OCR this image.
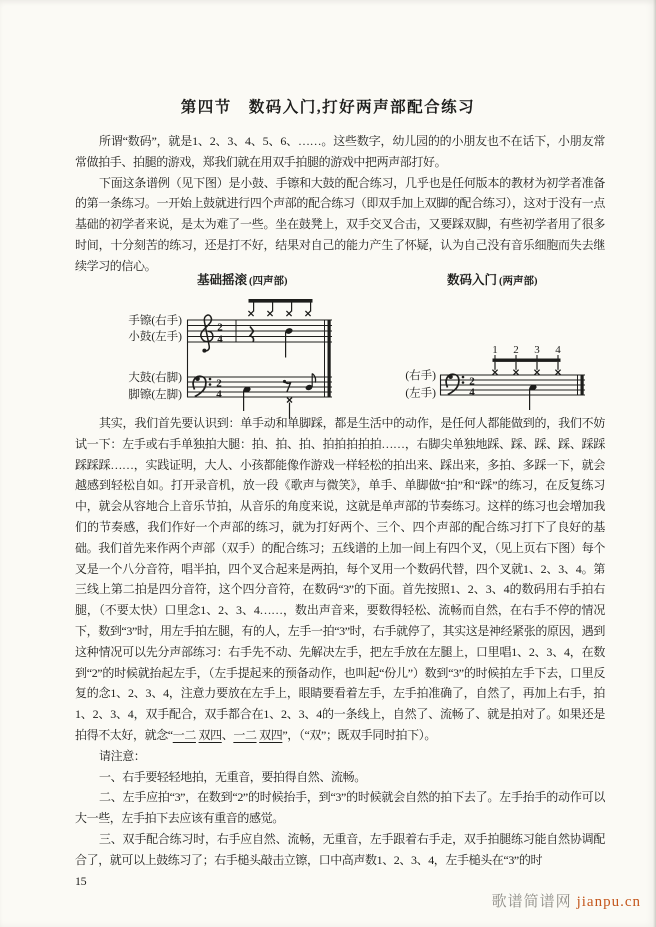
第四节　数码入门,打好两声部配合练习

所谓“数码”，就是1、2、3、4、5、6、……。这些数字，幼儿园的的小朋友也不在话下，小朋友常常做拍手、拍腿的游戏，郑我们就在用双手拍腿的游戏中把两声部打好。

下面这条谱例（见下图）是小鼓、手镲和大鼓的配合练习，几乎也是任何版本的教材为初学者准备的第一条练习。一开始上鼓就进行四个声部的配合练习（即双手加上双脚的配合练习），这对于没有一点基础的初学者来说，是太为难了一些。坐在鼓凳上，双手交叉合击，又要踩双脚，有些初学者用了很多时间，十分刻苦的练习，还是打不好，结果对自己的能力产生了怀疑，认为自己没有音乐细胞而失去继续学习的信心。

基础摇滚 (四声部)
手镲(右手)
小鼓(左手)
大鼓(右脚)
脚镲(左脚)
2
4
2
4
数码入门 (两声部)
(右手)
(左手)
2
4
1 2 3 4

其实，我们首先要认识到：单手动和单脚踩，都是生活中的动作，是任何人都能做到的，我们不妨试一下：左手或右手单独拍大腿：拍、拍、拍、拍拍拍拍拍……，右脚尖单独地踩、踩、踩、踩、踩踩踩踩踩……，实践证明，大人、小孩都能像作游戏一样轻松的拍出来、踩出来，多拍、多踩一下，就会越感到轻松自如。打开录音机，放一段《歌声与微笑》，单手、单脚做“拍”和“踩”的练习，在反复练习中，就会从容地合上音乐节拍，从音乐的角度来说，这就是单声部的节奏练习。这样的练习也会增加我们的节奏感，我们作好一个声部的练习，就为打好两个、三个、四个声部的配合练习打下了良好的基础。我们首先来作两个声部（双手）的配合练习；五线谱的上加一间上有四个叉，（见上页右下图）每个叉是一个八分音符，唱半拍，四个叉合起来是两拍，每个叉用一个数码代替，四个叉就1、2、3、4。第三线上第二拍是四分音符，这个四分音符，在数码“3”的下面。首先按照1、2、3、4的数码用右手拍右腿，（不要太快）口里念1、2、3、4……，数出声音来，要数得轻松、流畅而自然，在右手不停的情况下，数到“3”时，用左手拍左腿，有的人，左手一拍“3”时，右手就停了，其实这是神经紧张的原因，遇到这种情况可以先分声部练习：右手先不动、先解决左手，把左手放在左腿上，口里唱1、2、3、4，在数到“2”的时候就抬起左手，（左手提起来的预备动作，也叫起“份儿”）数到“3”的时候拍左手下去，口里反复的念1、2、3、4，注意力要放在左手上，眼睛要看着左手，左手拍准确了，自然了，再加上右手，拍1、2、3、4，双手配合，双手都合在1、2、3、4的一条线上，自然了、流畅了、就是拍对了。如果还是拍得不太好，就念“一二 双四、一二 双四”，（“双”；既双手同时拍下）。

请注意：

一、右手要轻轻地拍，无重音，要拍得自然、流畅。

二、左手应拍“3”，在数到“2”的时候抬手，到“3”的时候就会自然的拍下去了。左手抬手的动作可以大一些，左手拍下去应该有重音的感觉。

三、双手配合练习时，右手应自然、流畅，无重音，左手跟着右手走，双手拍腿练习能自然协调配合了，就可以上鼓练习了；右手槌头敲击立镲，口中高声数1、2、3、4，左手槌头在“3”的时

15

歌谱简谱网 jianpu.cn
